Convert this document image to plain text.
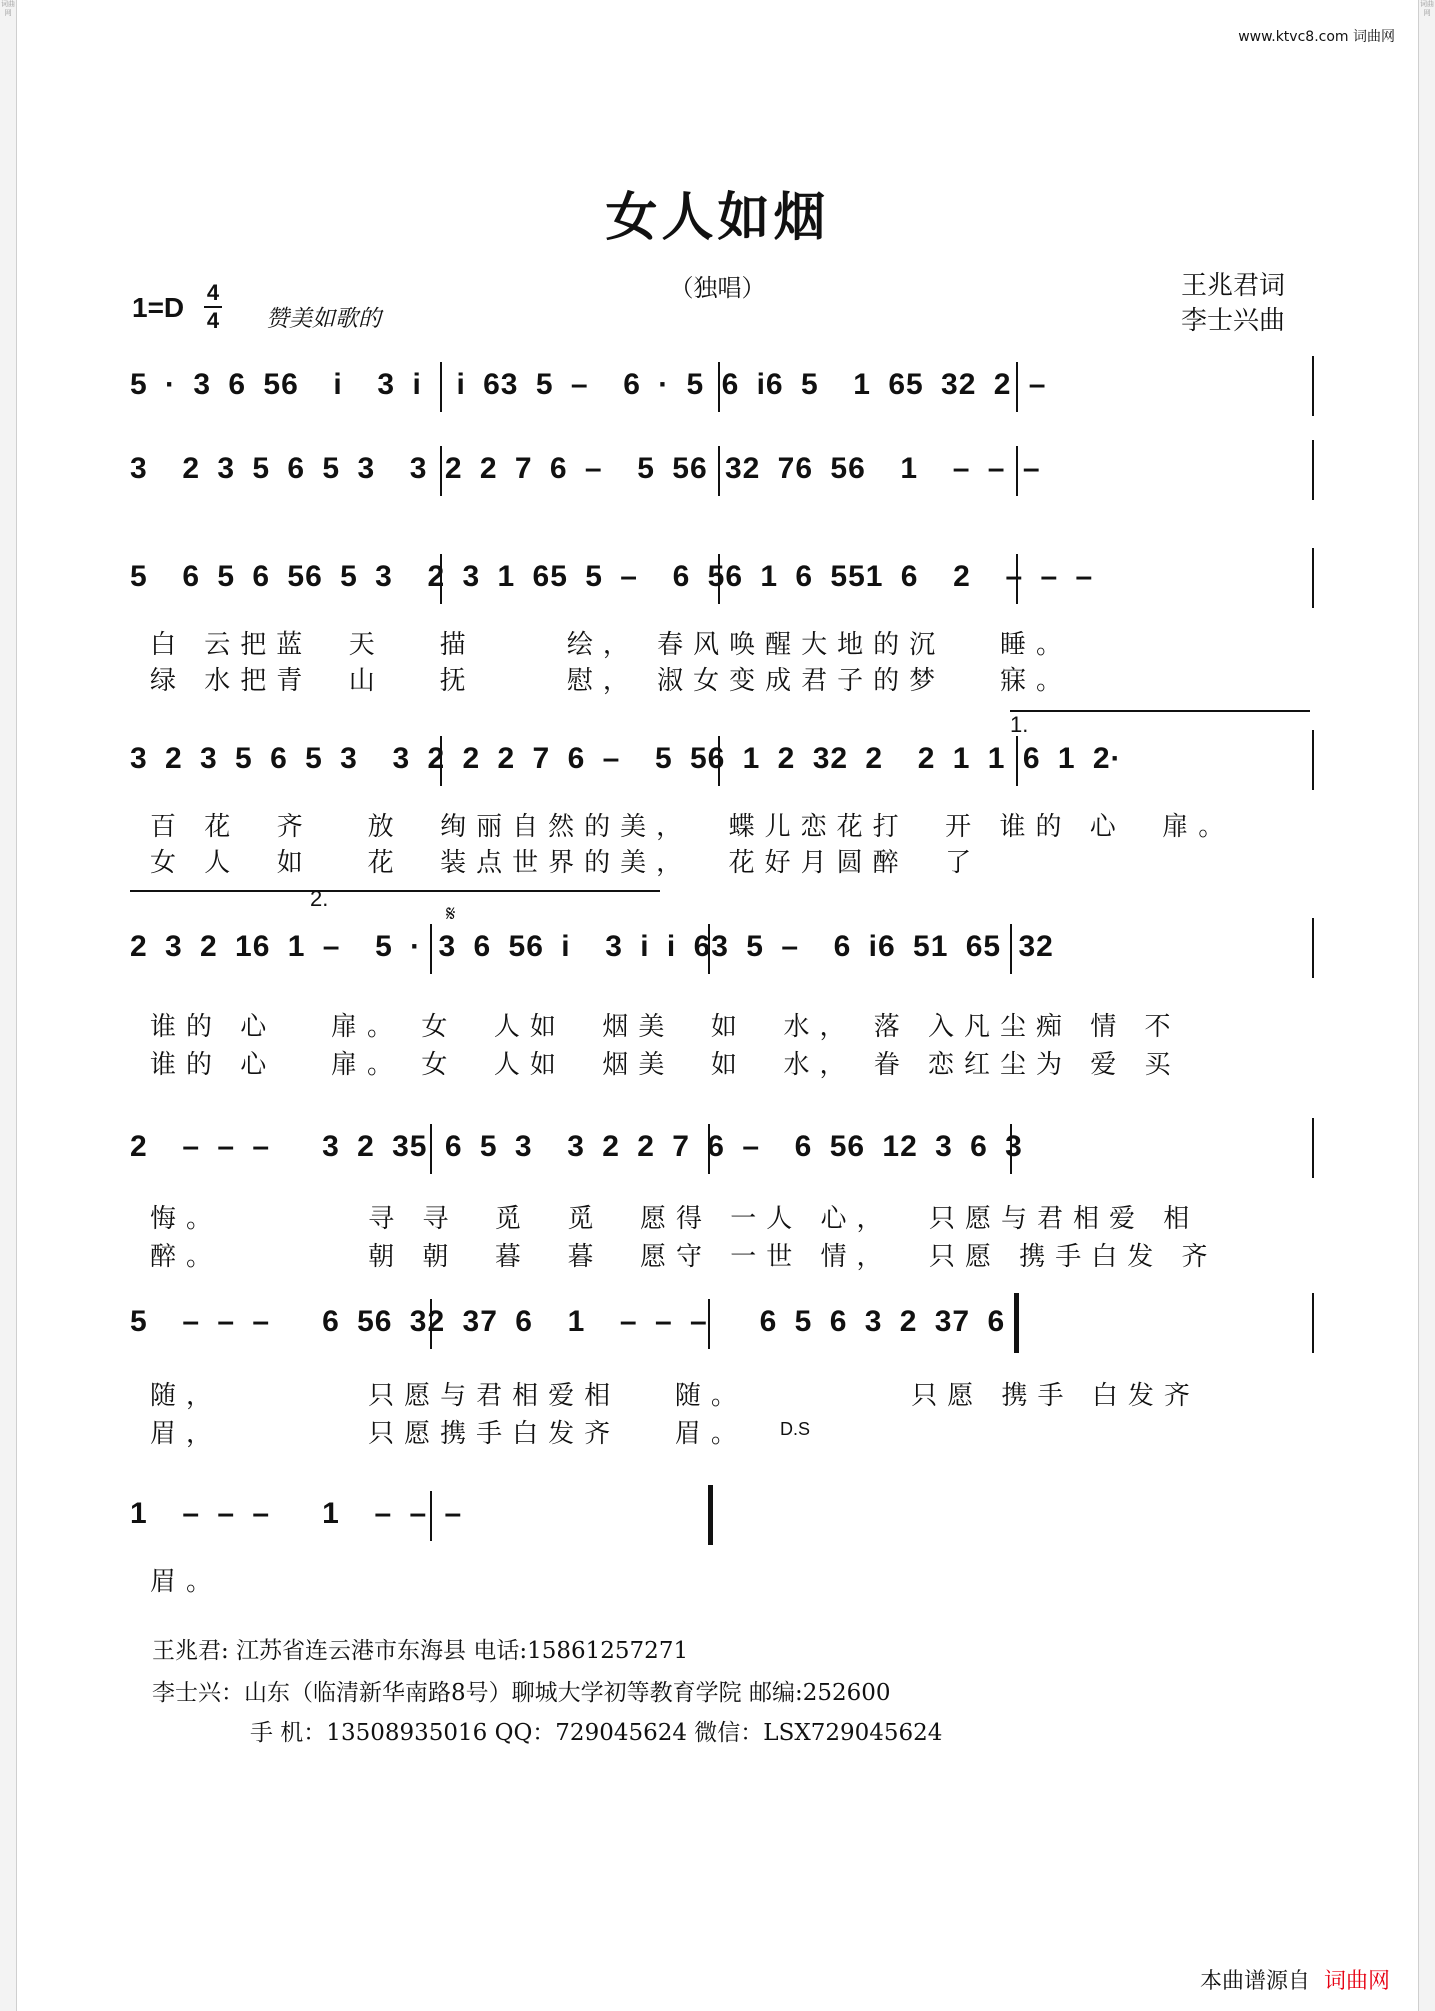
词曲网
词曲网
www.ktvc8.com 词曲网
女人如烟
（独唱）	王兆君词
李士兴曲
1=D 4
4 赞美如歌的
5 · 3 6 56  i  3 i  i 63 5 –  6 · 5 6 i6 5  1 65 32 2 –
3  2 3 5 6 5 3  3 2 2 7 6 –  5 56 32 76 56  1  – – –
5  6 5 6 56 5 3  2 3 1 65 5 –  6 56 1 6 551 6  2  – – –
白 云把蓝  天   描     绘， 春风唤醒大地的沉   睡。
绿 水把青  山   抚     慰， 淑女变成君子的梦   寐。
1.
3 2 3 5 6 5 3  3 2 2 2 7 6 –  5 56 1 2 32 2  2 1 1 6 1 2·
百 花  齐   放  绚丽自然的美，  蝶儿恋花打  开 谁的 心  扉。
女 人  如   花  装点世界的美，  花好月圆醉  了
2.
𝄋
2 3 2 16 1 –  5 · 3 6 56 i  3 i i 63 5 –  6 i6 51 65 32
谁的 心   扉。 女  人如  烟美  如  水， 落 入凡尘痴 情 不
谁的 心   扉。 女  人如  烟美  如  水， 眷 恋红尘为 爱 买
2  – – –   3 2 35 6 5 3  3 2 2 7 6 –  6 56 12 3 6 3
悔。        寻 寻  觅  觅  愿得 一人 心，  只愿与君相爱 相
醉。        朝 朝  暮  暮  愿守 一世 情，  只愿 携手白发 齐
5  – – –   6 56 32 37 6  1  – – –   6 5 6 3 2 37 6
随，        只愿与君相爱相   随。         只愿 携手 白发齐
眉，        只愿携手白发齐   眉。 D.S
1  – – –   1  – – –
眉。
王兆君: 江苏省连云港市东海县 电话:15861257271
李士兴：山东（临清新华南路8号）聊城大学初等教育学院 邮编:252600
手 机：13508935016 QQ：729045624 微信：LSX729045624
本曲谱源自 词曲网
